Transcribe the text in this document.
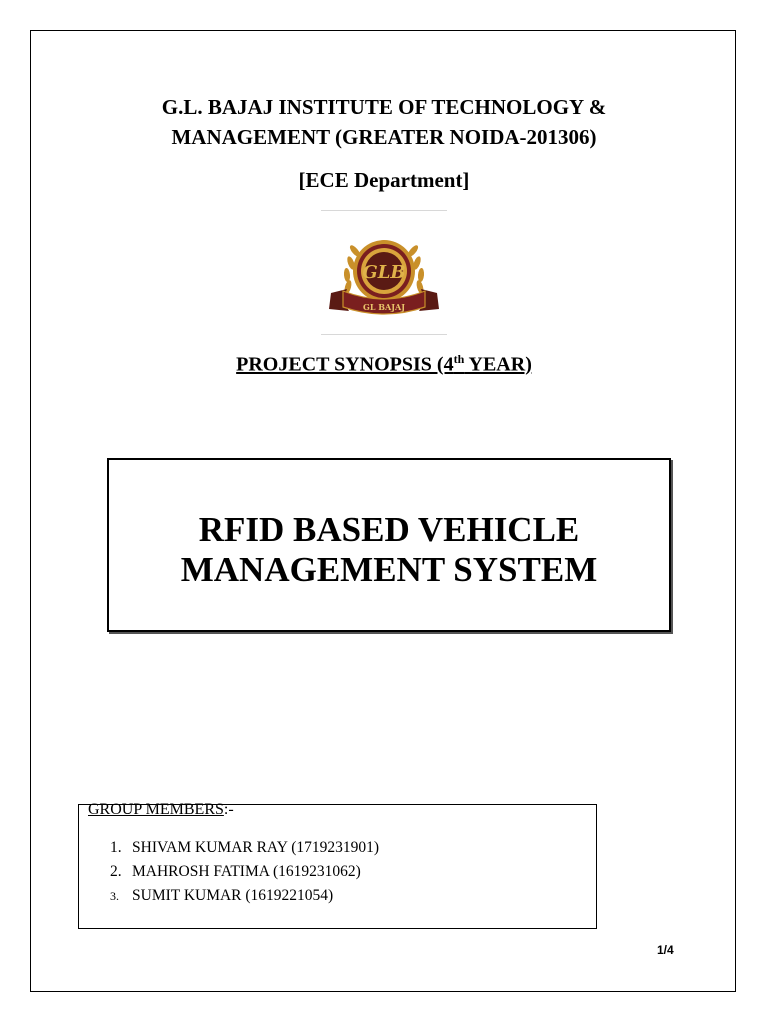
G.L. BAJAJ INSTITUTE OF TECHNOLOGY &
MANAGEMENT (GREATER NOIDA-201306)
[ECE Department]
GLB
GL BAJAJ
PROJECT SYNOPSIS (4th YEAR)
RFID BASED VEHICLE
MANAGEMENT SYSTEM
GROUP MEMBERS:-
1. SHIVAM KUMAR RAY (1719231901)
2. MAHROSH FATIMA (1619231062)
3. SUMIT KUMAR (1619221054)
1/4
